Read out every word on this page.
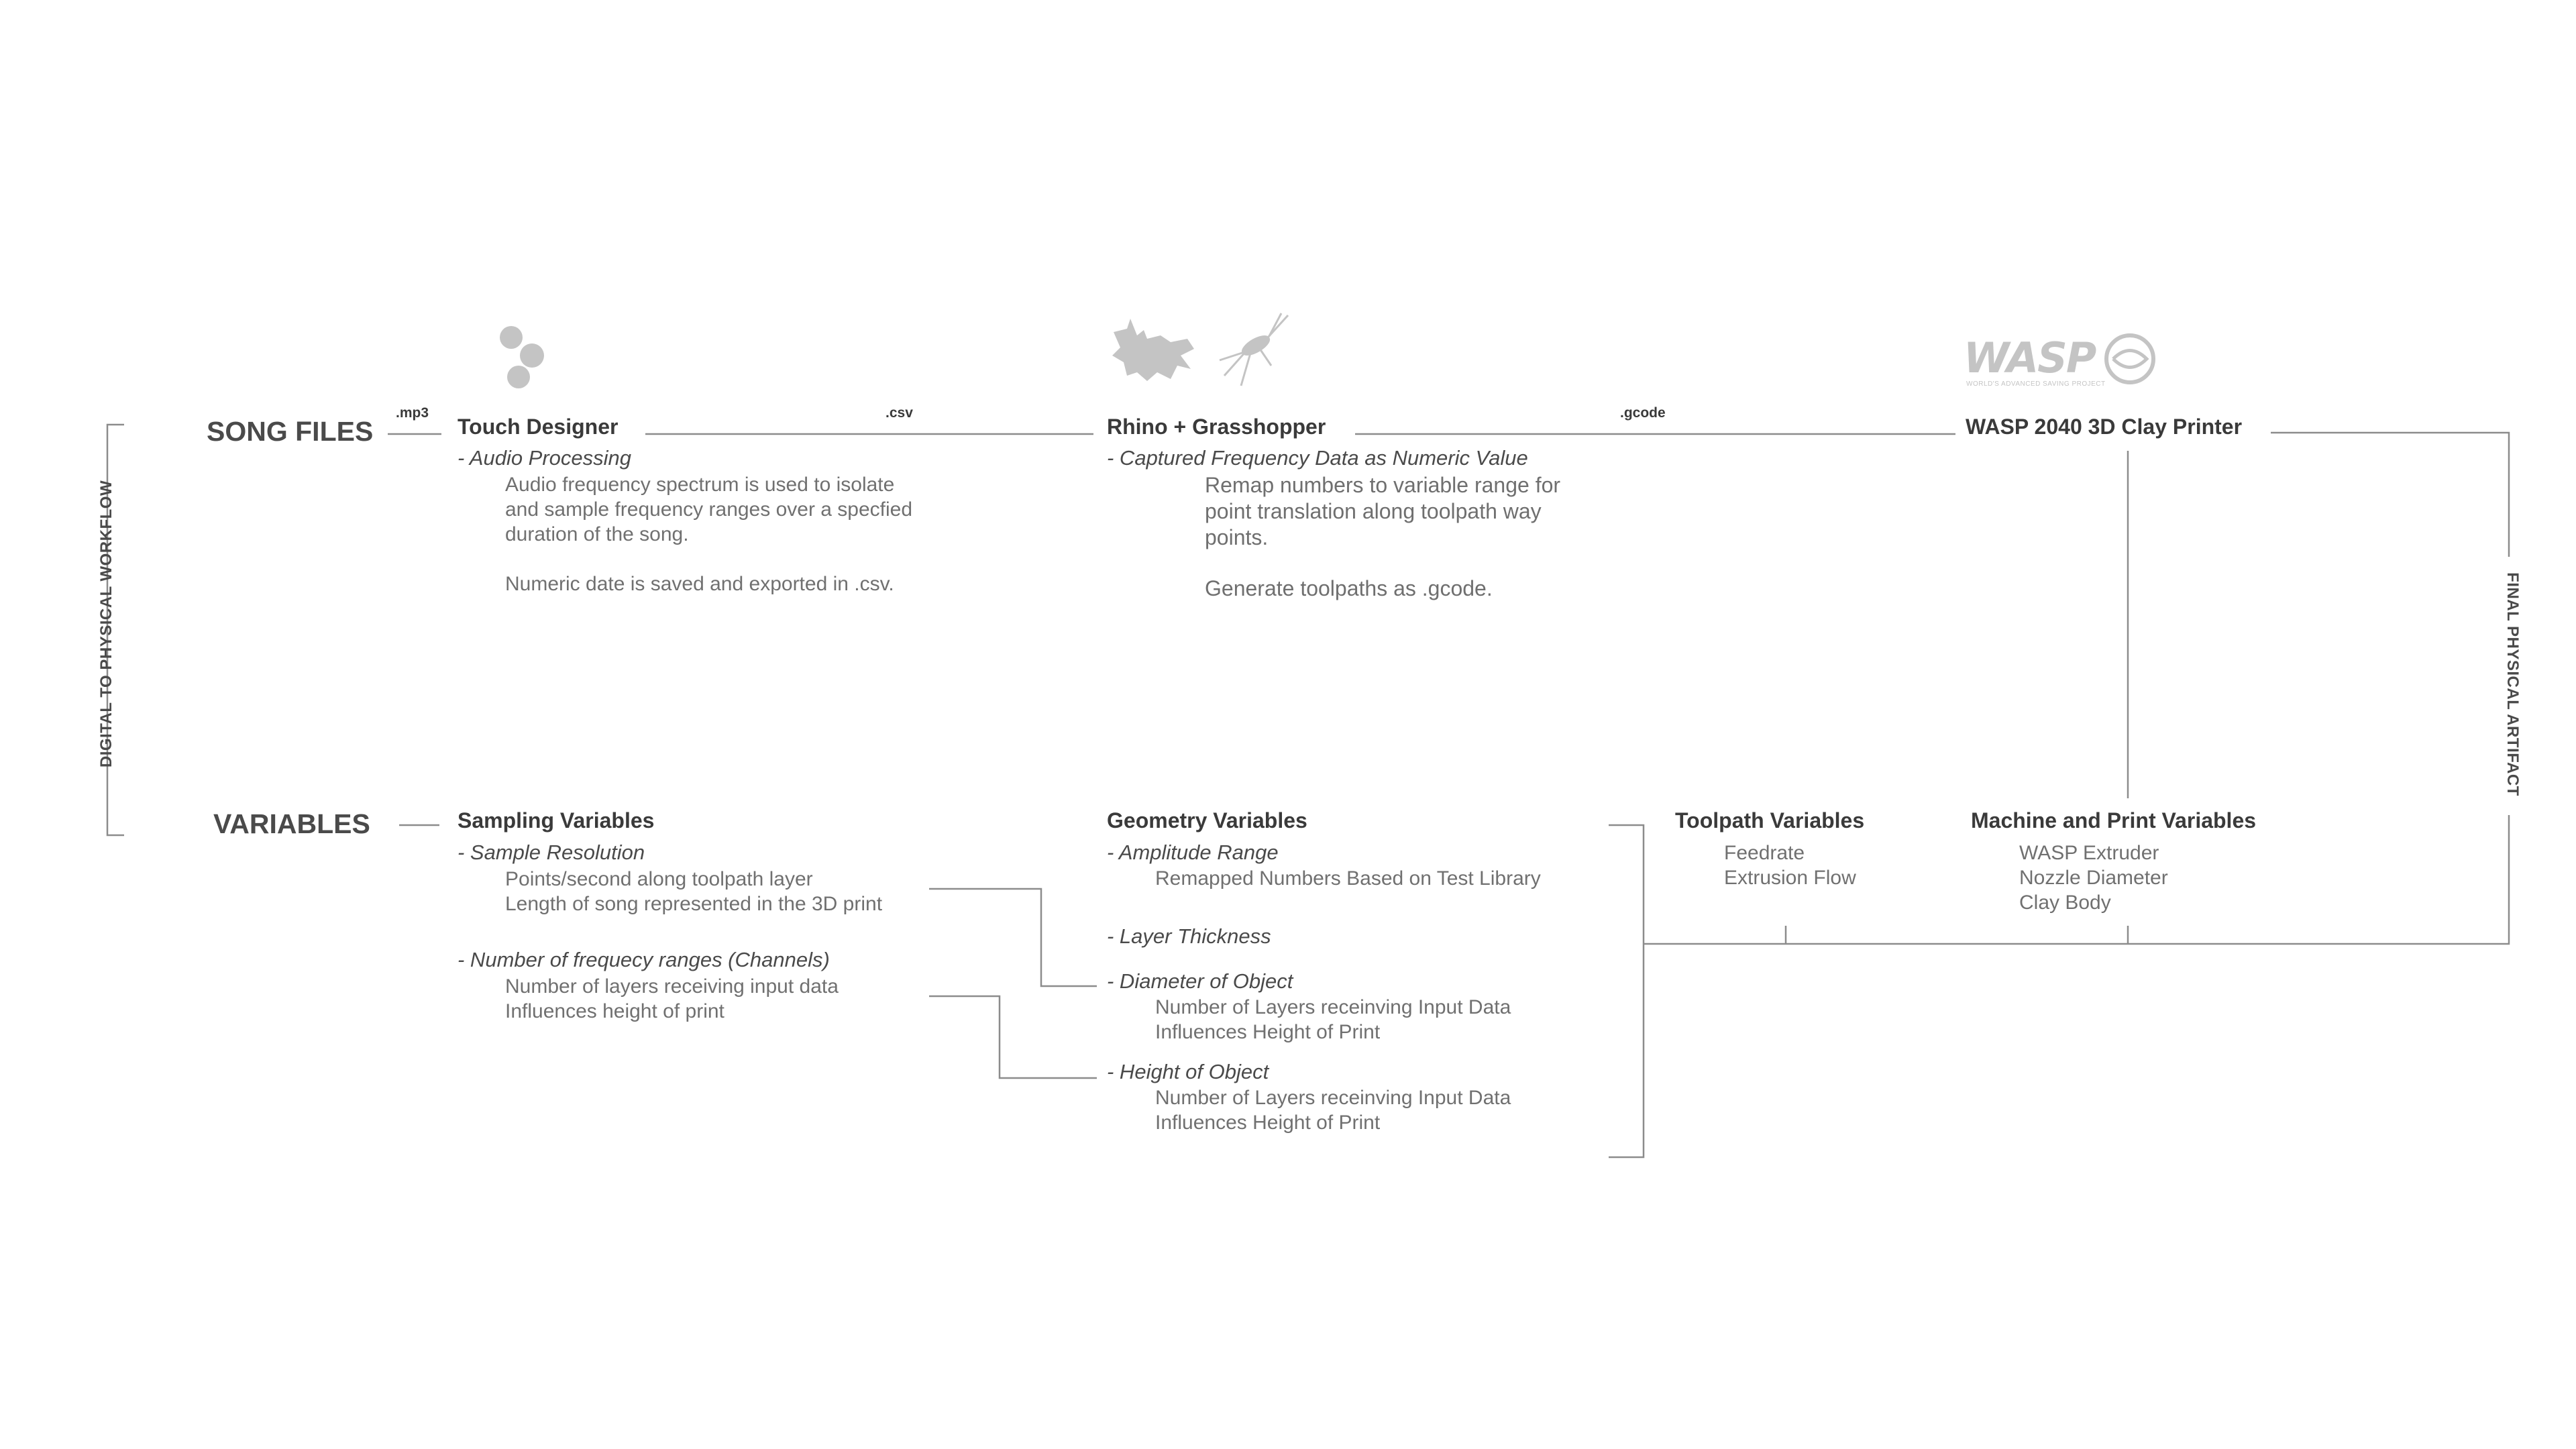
DIGITAL TO PHYSICAL WORKFLOW	FINAL PHYSICAL ARTIFACT
SONG FILES
VARIABLES
.mp3	.csv	.gcode
WASP
WORLD'S ADVANCED SAVING PROJECT
Touch Designer
- Audio Processing
Audio frequency spectrum is used to isolate
and sample frequency ranges over a specfied
duration of the song.
Numeric date is saved and exported in .csv.
Rhino + Grasshopper
- Captured Frequency Data as Numeric Value
Remap numbers to variable range for
point translation along toolpath way
points.
Generate toolpaths as .gcode.
WASP 2040 3D Clay Printer
Sampling Variables
- Sample Resolution
Points/second along toolpath layer
Length of song represented in the 3D print
- Number of frequecy ranges (Channels)
Number of layers receiving input data
Influences height of print
Geometry Variables
- Amplitude Range
Remapped Numbers Based on Test Library
- Layer Thickness
- Diameter of Object
Number of Layers receinving Input Data
Influences Height of Print
- Height of Object
Number of Layers receinving Input Data
Influences Height of Print
Toolpath Variables
Feedrate
Extrusion Flow
Machine and Print Variables
WASP Extruder
Nozzle Diameter
Clay Body
